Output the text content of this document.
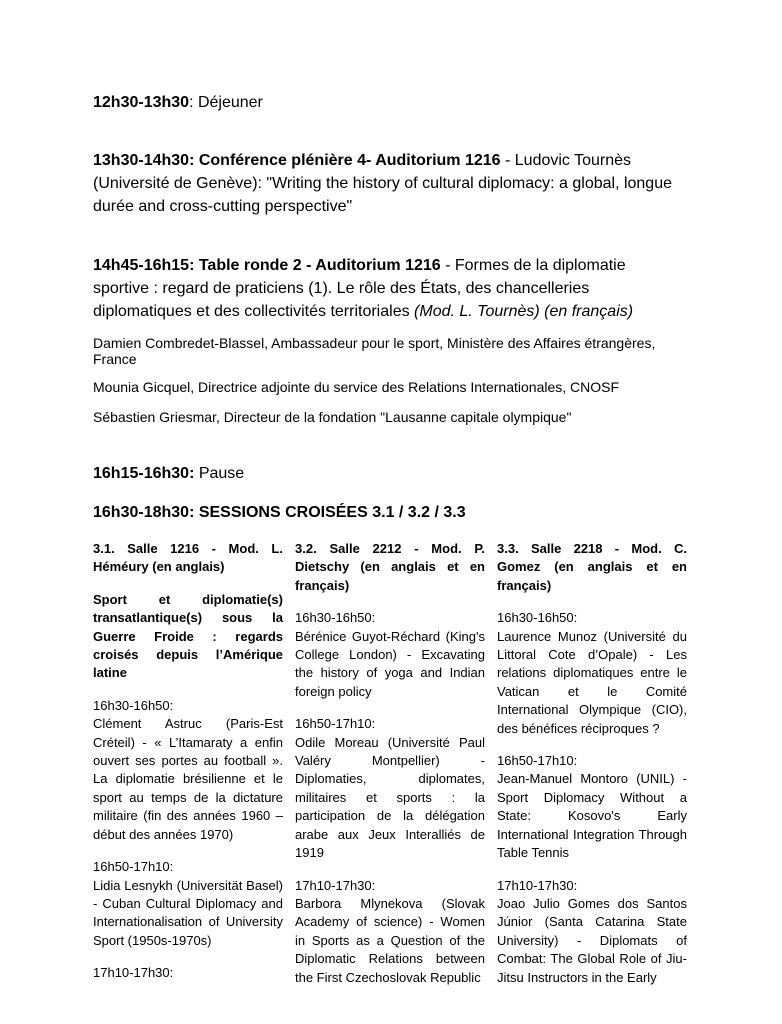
12h30-13h30: Déjeuner
13h30-14h30: Conférence plénière 4- Auditorium 1216 - Ludovic Tournès (Université de Genève): "Writing the history of cultural diplomacy: a global, longue durée and cross-cutting perspective"
14h45-16h15: Table ronde 2 - Auditorium 1216 - Formes de la diplomatie sportive : regard de praticiens (1). Le rôle des États, des chancelleries diplomatiques et des collectivités territoriales (Mod. L. Tournès) (en français)
Damien Combredet-Blassel, Ambassadeur pour le sport, Ministère des Affaires étrangères, France
Mounia Gicquel, Directrice adjointe du service des Relations Internationales, CNOSF
Sébastien Griesmar, Directeur de la fondation "Lausanne capitale olympique"
16h15-16h30: Pause
16h30-18h30: SESSIONS CROISÉES 3.1 / 3.2 / 3.3
3.1. Salle 1216 - Mod. L. Héméury (en anglais)
Sport et diplomatie(s) transatlantique(s) sous la Guerre Froide : regards croisés depuis l’Amérique latine
16h30-16h50:
Clément Astruc (Paris-Est Créteil) - « L’Itamaraty a enfin ouvert ses portes au football ». La diplomatie brésilienne et le sport au temps de la dictature militaire (fin des années 1960 – début des années 1970)
16h50-17h10:
Lidia Lesnykh (Universität Basel) - Cuban Cultural Diplomacy and Internationalisation of University Sport (1950s-1970s)
17h10-17h30:
3.2. Salle 2212 - Mod. P. Dietschy (en anglais et en français)
16h30-16h50:
Bérénice Guyot-Réchard (King's College London) - Excavating the history of yoga and Indian foreign policy
16h50-17h10:
Odile Moreau (Université Paul Valéry Montpellier) - Diplomaties, diplomates, militaires et sports : la participation de la délégation arabe aux Jeux Interalliés de 1919
17h10-17h30:
Barbora Mlynekova (Slovak Academy of science) - Women in Sports as a Question of the Diplomatic Relations between the First Czechoslovak Republic
3.3. Salle 2218 - Mod. C. Gomez (en anglais et en français)
16h30-16h50:
Laurence Munoz (Université du Littoral Cote d’Opale) - Les relations diplomatiques entre le Vatican et le Comité International Olympique (CIO), des bénéfices réciproques ?
16h50-17h10:
Jean-Manuel Montoro (UNIL) - Sport Diplomacy Without a State: Kosovo's Early International Integration Through Table Tennis
17h10-17h30:
Joao Julio Gomes dos Santos Júnior (Santa Catarina State University) - Diplomats of Combat: The Global Role of Jiu-Jitsu Instructors in the Early
